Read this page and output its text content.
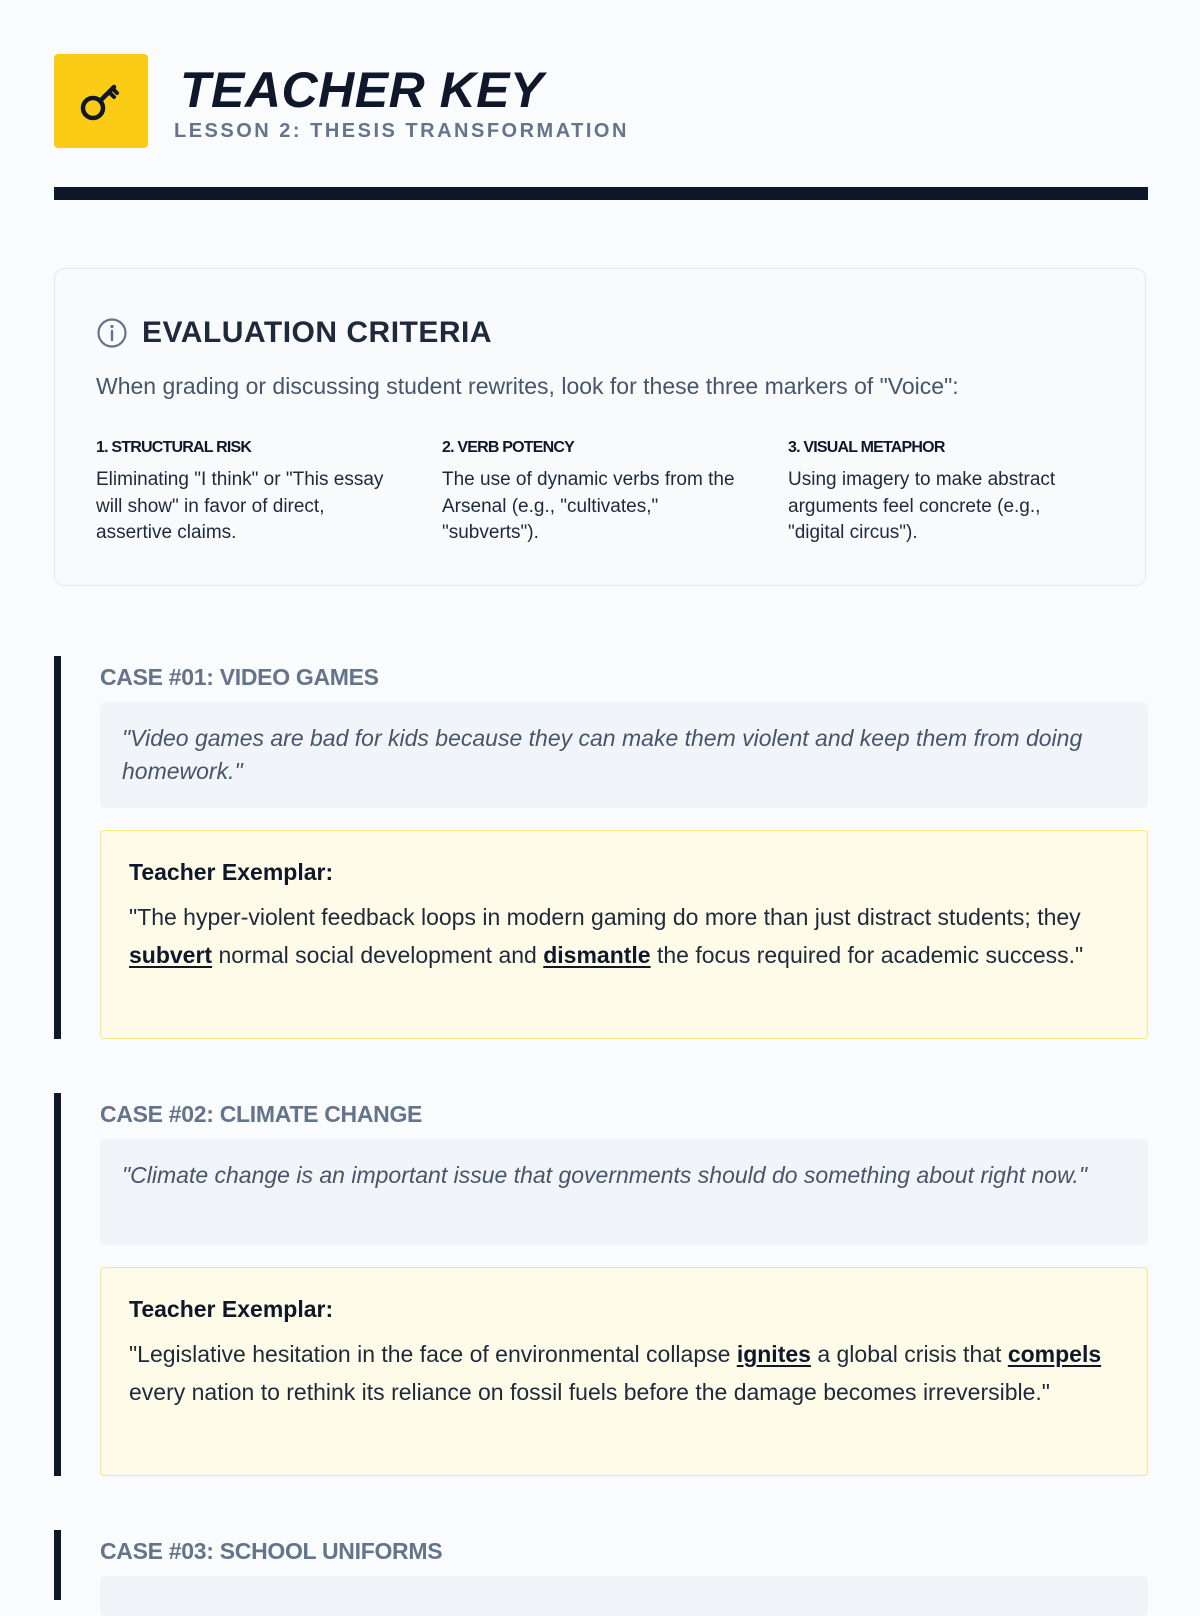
TEACHER KEY
LESSON 2: THESIS TRANSFORMATION
EVALUATION CRITERIA
When grading or discussing student rewrites, look for these three markers of "Voice":
1. STRUCTURAL RISK
Eliminating "I think" or "This essay will show" in favor of direct, assertive claims.
2. VERB POTENCY
The use of dynamic verbs from the Arsenal (e.g., "cultivates," "subverts").
3. VISUAL METAPHOR
Using imagery to make abstract arguments feel concrete (e.g., "digital circus").
CASE #01: VIDEO GAMES
"Video games are bad for kids because they can make them violent and keep them from doing homework."
Teacher Exemplar:
"The hyper-violent feedback loops in modern gaming do more than just distract students; they subvert normal social development and dismantle the focus required for academic success."
CASE #02: CLIMATE CHANGE
"Climate change is an important issue that governments should do something about right now."
Teacher Exemplar:
"Legislative hesitation in the face of environmental collapse ignites a global crisis that compels every nation to rethink its reliance on fossil fuels before the damage becomes irreversible."
CASE #03: SCHOOL UNIFORMS
